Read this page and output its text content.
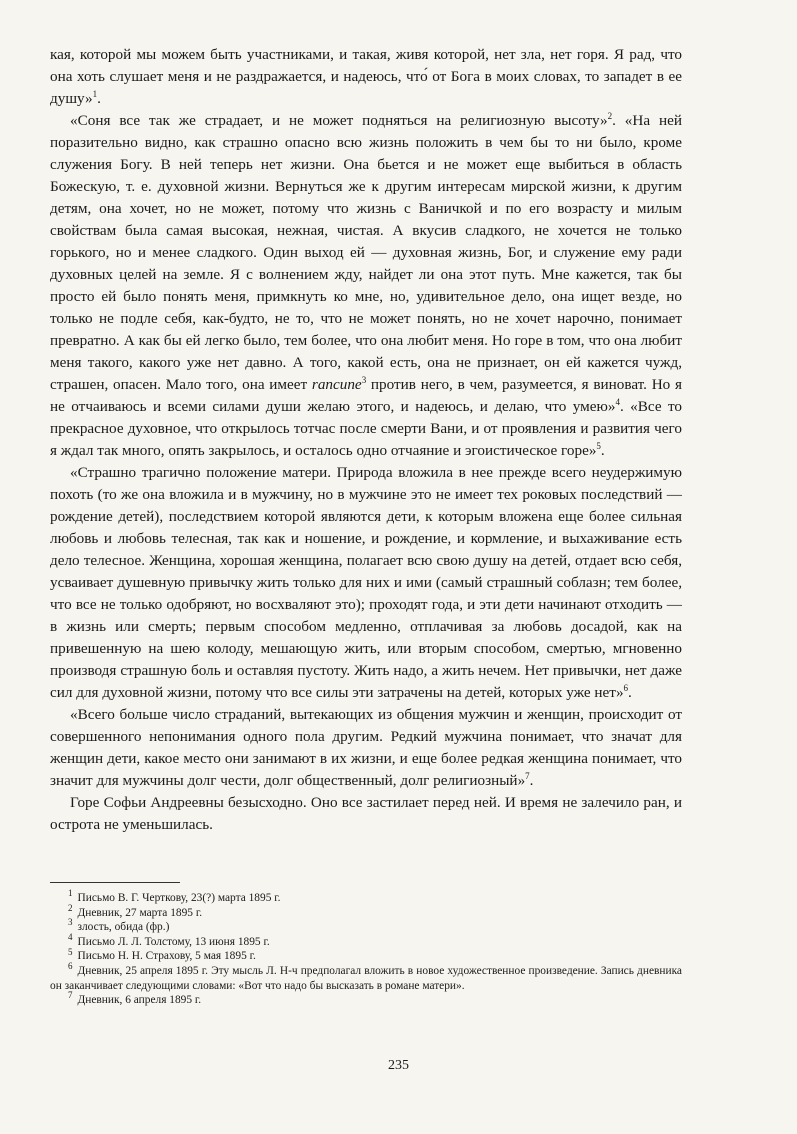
кая, которой мы можем быть участниками, и такая, живя которой, нет зла, нет горя. Я рад, что она хоть слушает меня и не раздражается, и надеюсь, что́ от Бога в моих словах, то западет в ее душу»$^1$.

«Соня все так же страдает, и не может подняться на религиозную высоту»$^2$. «На ней поразительно видно, как страшно опасно всю жизнь положить в чем бы то ни было, кроме служения Богу. В ней теперь нет жизни. Она бьется и не может еще выбиться в область Божескую, т. е. духовной жизни. Вернуться же к другим интересам мирской жизни, к другим детям, она хочет, но не может, потому что жизнь с Ваничкой и по его возрасту и милым свойствам была самая высокая, нежная, чистая. А вкусив сладкого, не хочется не только горького, но и менее сладкого. Один выход ей — духовная жизнь, Бог, и служение ему ради духовных целей на земле. Я с волнением жду, найдет ли она этот путь. Мне кажется, так бы просто ей было понять меня, примкнуть ко мне, но, удивительное дело, она ищет везде, но только не подле себя, как-будто, не то, что не может понять, но не хочет нарочно, понимает превратно. А как бы ей легко было, тем более, что она любит меня. Но горе в том, что она любит меня такого, какого уже нет давно. А того, какой есть, она не признает, он ей кажется чужд, страшен, опасен. Мало того, она имеет rancune$^3$ против него, в чем, разумеется, я виноват. Но я не отчаиваюсь и всеми силами души желаю этого, и надеюсь, и делаю, что умею»$^4$. «Все то прекрасное духовное, что открылось тотчас после смерти Вани, и от проявления и развития чего я ждал так много, опять закрылось, и осталось одно отчаяние и эгоистическое горе»$^5$.

«Страшно трагично положение матери. Природа вложила в нее прежде всего неудержимую похоть (то же она вложила и в мужчину, но в мужчине это не имеет тех роковых последствий — рождение детей), последствием которой являются дети, к которым вложена еще более сильная любовь и любовь телесная, так как и ношение, и рождение, и кормление, и выхаживание есть дело телесное. Женщина, хорошая женщина, полагает всю свою душу на детей, отдает всю себя, усваивает душевную привычку жить только для них и ими (самый страшный соблазн; тем более, что все не только одобряют, но восхваляют это); проходят года, и эти дети начинают отходить — в жизнь или смерть; первым способом медленно, отплачивая за любовь досадой, как на привешенную на шею колоду, мешающую жить, или вторым способом, смертью, мгновенно производя страшную боль и оставляя пустоту. Жить надо, а жить нечем. Нет привычки, нет даже сил для духовной жизни, потому что все силы эти затрачены на детей, которых уже нет»$^6$.

«Всего больше число страданий, вытекающих из общения мужчин и женщин, происходит от совершенного непонимания одного пола другим. Редкий мужчина понимает, что значат для женщин дети, какое место они занимают в их жизни, и еще более редкая женщина понимает, что значит для мужчины долг чести, долг общественный, долг религиозный»$^7$.

Горе Софьи Андреевны безысходно. Оно все застилает перед ней. И время не залечило ран, и острота не уменьшилась.

$^1$ Письмо В. Г. Черткову, 23(?) марта 1895 г.

$^2$ Дневник, 27 марта 1895 г.

$^3$ злость, обида (фр.)

$^4$ Письмо Л. Л. Толстому, 13 июня 1895 г.

$^5$ Письмо Н. Н. Страхову, 5 мая 1895 г.

$^6$ Дневник, 25 апреля 1895 г. Эту мысль Л. Н-ч предполагал вложить в новое художественное произведение. Запись дневника он заканчивает следующими словами: «Вот что надо бы высказать в романе матери».

$^7$ Дневник, 6 апреля 1895 г.

235
